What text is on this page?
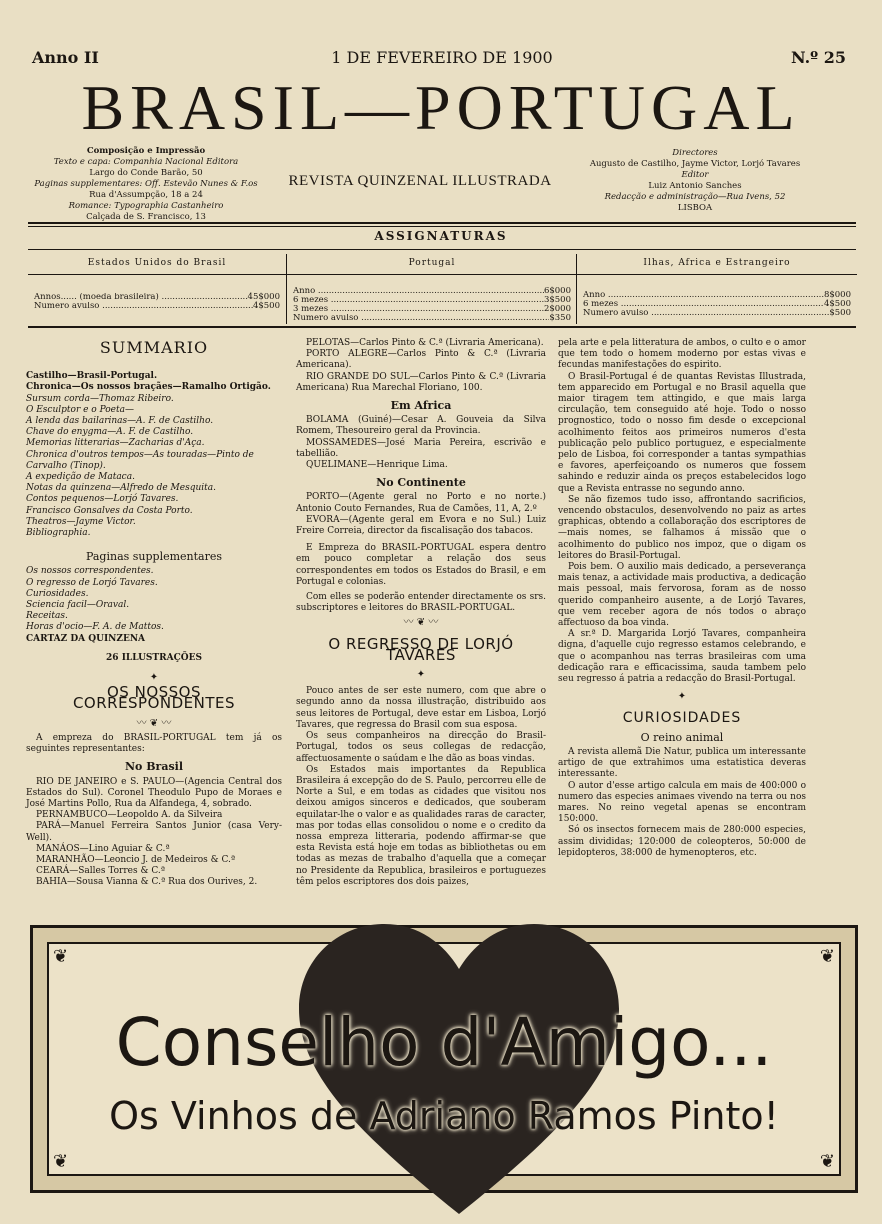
Anno II	1 DE FEVEREIRO DE 1900	N.º 25
BRASIL—PORTUGAL
Composição e Impressão
Texto e capa: Companhia Nacional Editora
Largo do Conde Barão, 50
Paginas supplementares: Off. Estevão Nunes & F.os
Rua d'Assumpção, 18 a 24
Romance: Typographia Castanheiro
Calçada de S. Francisco, 13
REVISTA QUINZENAL ILLUSTRADA
Directores
Augusto de Castilho, Jayme Victor, Lorjó Tavares
Editor
Luiz Antonio Sanches
Redacção e administração—Rua Ivens, 52
LISBOA
ASSIGNATURAS
Estados Unidos do Brasil
Annos...... (moeda brasileira) .....	45$000
Numero avulso .....	4$500
Portugal
Anno .....	6$000
6 mezes .....	3$500
3 mezes .....	2$000
Numero avulso .....	$350
Ilhas, Africa e Estrangeiro
Anno .....	8$000
6 mezes .....	4$500
Numero avulso .....	$500
SUMMARIO

Castilho—Brasil-Portugal.

Chronica—Os nossos braçães—Ramalho Ortigão.

Sursum corda—Thomaz Ribeiro.

O Esculptor e o Poeta—

A lenda das bailarinas—A. F. de Castilho.

Chave do enygma—A. F. de Castilho.

Memorias litterarias—Zacharias d'Aça.

Chronica d'outros tempos—As touradas—Pinto de Carvalho (Tinop).

A expedição de Mataca.

Notas da quinzena—Alfredo de Mesquita.

Contos pequenos—Lorjó Tavares.

Francisco Gonsalves da Costa Porto.

Theatros—Jayme Victor.

Bibliographia.

Paginas supplementares

Os nossos correspondentes.

O regresso de Lorjó Tavares.

Curiosidades.

Sciencia facil—Oraval.

Receitas.

Horas d'ocio—F. A. de Mattos.

CARTAZ DA QUINZENA

26 ILLUSTRAÇÕES

✦
OS NOSSOS CORRESPONDENTES
〰 ❦ 〰

A empreza do BRASIL-PORTUGAL tem já os seguintes representantes:

No Brasil

RIO DE JANEIRO e S. PAULO—(Agencia Central dos Estados do Sul). Coronel Theodulo Pupo de Moraes e José Martins Pollo, Rua da Alfandega, 4, sobrado.

PERNAMBUCO—Leopoldo A. da Silveira

PARÁ—Manuel Ferreira Santos Junior (casa Very-Well).

MANÁOS—Lino Aguiar & C.ª

MARANHÃO—Leoncio J. de Medeiros & C.ª

CEARÁ—Salles Torres & C.ª

BAHIA—Sousa Vianna & C.ª Rua dos Ourives, 2.

PELOTAS—Carlos Pinto & C.ª (Livraria Americana).

PORTO ALEGRE—Carlos Pinto & C.ª (Livraria Americana).

RIO GRANDE DO SUL—Carlos Pinto & C.ª (Livraria Americana) Rua Marechal Floriano, 100.

Em Africa

BOLAMA (Guiné)—Cesar A. Gouveia da Silva Romem, Thesoureiro geral da Provincia.

MOSSAMEDES—José Maria Pereira, escrivão e tabellião.

QUELIMANE—Henrique Lima.

No Continente

PORTO—(Agente geral no Porto e no norte.) Antonio Couto Fernandes, Rua de Camões, 11, A, 2.º

EVORA—(Agente geral em Evora e no Sul.) Luiz Freire Correia, director da fiscalisação dos tabacos.

E Empreza do BRASIL-PORTUGAL espera dentro em pouco completar a relação dos seus correspondentes em todos os Estados do Brasil, e em Portugal e colonias.

Com elles se poderão entender directamente os srs. subscriptores e leitores do BRASIL-PORTUGAL.

〰 ❦ 〰
O REGRESSO DE LORJÓ TAVARES
✦

Pouco antes de ser este numero, com que abre o segundo anno da nossa illustração, distribuido aos seus leitores de Portugal, deve estar em Lisboa, Lorjó Tavares, que regressa do Brasil com sua esposa.

Os seus companheiros na direcção do Brasil-Portugal, todos os seus collegas de redacção, affectuosamente o saúdam e lhe dão as boas vindas.

Os Estados mais importantes da Republica Brasileira á excepção do de S. Paulo, percorreu elle de Norte a Sul, e em todas as cidades que visitou nos deixou amigos sinceros e dedicados, que souberam equilatar-lhe o valor e as qualidades raras de caracter, mas por todas ellas consolidou o nome e o credito da nossa empreza litteraria, podendo affirmar-se que esta Revista está hoje em todas as bibliothetas ou em todas as mezas de trabalho d'aquella que a começar no Presidente da Republica, brasileiros e portuguezes têm pelos escriptores dos dois paizes,

pela arte e pela litteratura de ambos, o culto e o amor que tem todo o homem moderno por estas vivas e fecundas manifestações do espirito.

O Brasil-Portugal é de quantas Revistas Illustrada, tem apparecido em Portugal e no Brasil aquella que maior tiragem tem attingido, e que mais larga circulação, tem conseguido até hoje. Todo o nosso prognostico, todo o nosso fim desde o excepcional acolhimento feitos aos primeiros numeros d'esta publicação pelo publico portuguez, e especialmente pelo de Lisboa, foi corresponder a tantas sympathias e favores, aperfeiçoando os numeros que fossem sahindo e reduzir ainda os preços estabelecidos logo que a Revista entrasse no segundo anno.

Se não fizemos tudo isso, affrontando sacrificios, vencendo obstaculos, desenvolvendo no paiz as artes graphicas, obtendo a collaboração dos escriptores de—mais nomes, se falhamos á missão que o acolhimento do publico nos impoz, que o digam os leitores do Brasil-Portugal.

Pois bem. O auxilio mais dedicado, a perseverança mais tenaz, a actividade mais productiva, a dedicação mais pessoal, mais fervorosa, foram as de nosso querido companheiro ausente, a de Lorjó Tavares, que vem receber agora de nós todos o abraço affectuoso da boa vinda.

A sr.ª D. Margarida Lorjó Tavares, companheira digna, d'aquelle cujo regresso estamos celebrando, e que o acompanhou nas terras brasileiras com uma dedicação rara e efficacissima, sauda tambem pelo seu regresso á patria a redacção do Brasil-Portugal.

✦
CURIOSIDADES
O reino animal

A revista allemã Die Natur, publica um interessante artigo de que extrahimos uma estatistica deveras interessante.

O autor d'esse artigo calcula em mais de 400:000 o numero das especies animaes vivendo na terra ou nos mares. No reino vegetal apenas se encontram 150:000.

Só os insectos fornecem mais de 280:000 especies, assim divididas; 120:000 de coleopteros, 50:000 de lepidopteros, 38:000 de hymenopteros, etc.

Conselho d'Amigo...
Os Vinhos de Adriano Ramos Pinto!
❦	❦
❦	❦
